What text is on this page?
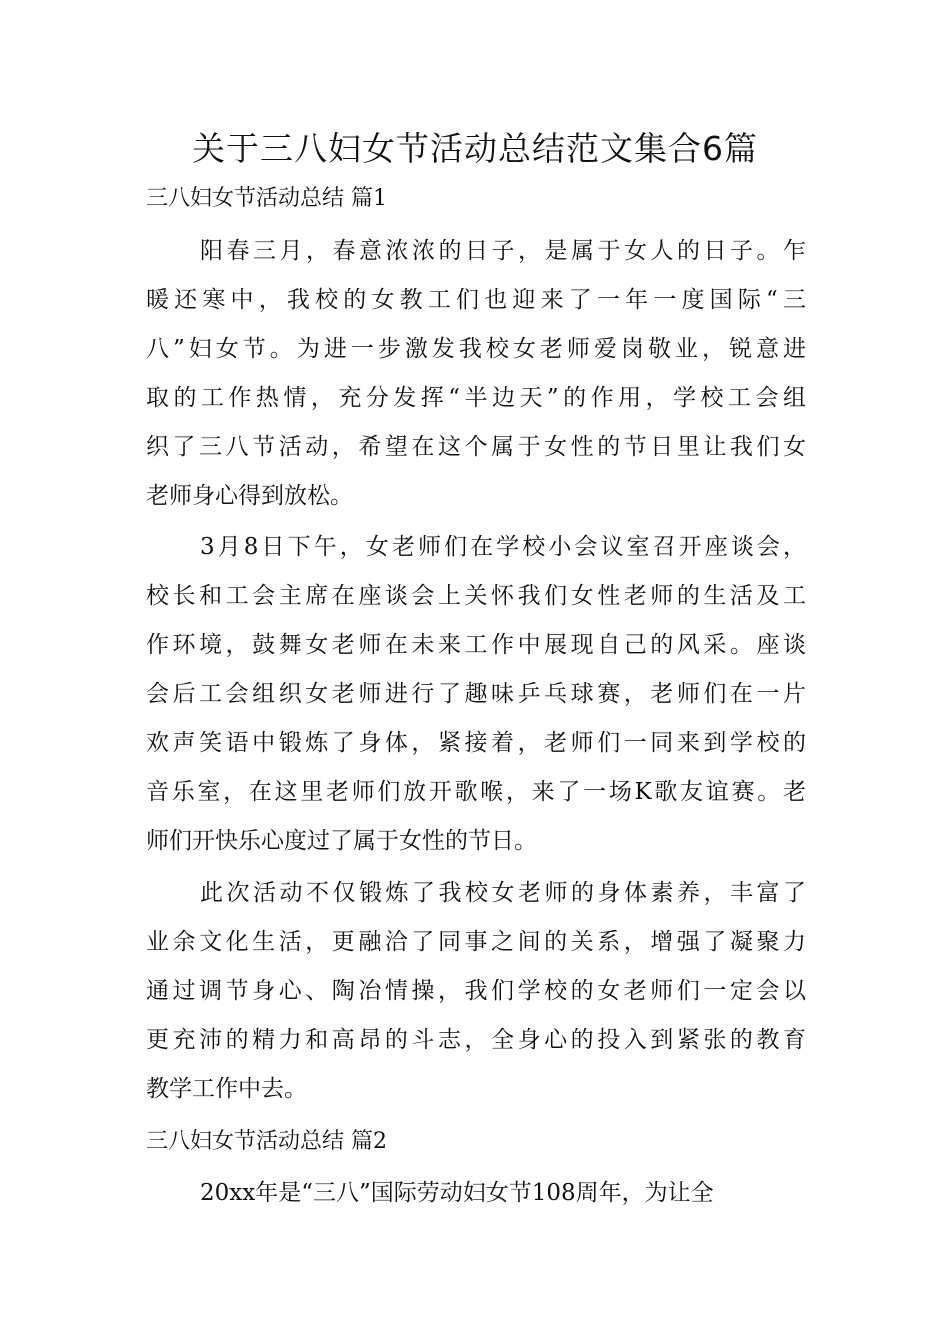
关于三八妇女节活动总结范文集合6篇
三八妇女节活动总结 篇1
阳春三月，春意浓浓的日子，是属于女人的日子。乍
暖还寒中，我校的女教工们也迎来了一年一度国际“三
八”妇女节。为进一步激发我校女老师爱岗敬业，锐意进
取的工作热情，充分发挥“半边天”的作用，学校工会组
织了三八节活动，希望在这个属于女性的节日里让我们女
老师身心得到放松。
3月8日下午，女老师们在学校小会议室召开座谈会，
校长和工会主席在座谈会上关怀我们女性老师的生活及工
作环境，鼓舞女老师在未来工作中展现自己的风采。座谈
会后工会组织女老师进行了趣味乒乓球赛，老师们在一片
欢声笑语中锻炼了身体，紧接着，老师们一同来到学校的
音乐室，在这里老师们放开歌喉，来了一场K歌友谊赛。老
师们开快乐心度过了属于女性的节日。
此次活动不仅锻炼了我校女老师的身体素养，丰富了
业余文化生活，更融洽了同事之间的关系，增强了凝聚力
通过调节身心、陶冶情操，我们学校的女老师们一定会以
更充沛的精力和高昂的斗志，全身心的投入到紧张的教育
教学工作中去。
三八妇女节活动总结 篇2
20xx年是“三八”国际劳动妇女节108周年，为让全
